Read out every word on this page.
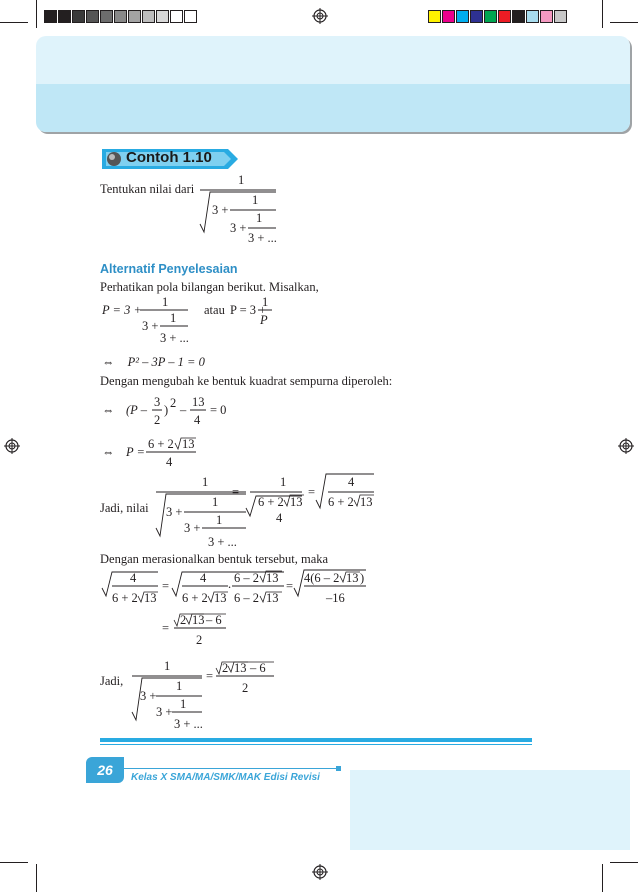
Contoh 1.10
Tentukan nilai dari
1
1
3 +
1
3 +
3 + ...
Alternatif Penyelesaian
Perhatikan pola bilangan berikut. Misalkan,
P = 3 +
1
3 +
1
3 + ...
atau P = 3 +
1
P
⇔ P² – 3P – 1 = 0
Dengan mengubah ke bentuk kuadrat sempurna diperoleh:
⇔ (P –
3
2
) 2 –
13
4
= 0
⇔ P =
6 + 2 13
4
Jadi, nilai
1
1
3 +
1
3 +
3 + ...
=
1
6 + 2 13
4
=
4
6 + 2 13
Dengan merasionalkan bentuk tersebut, maka
4
6 + 2 13
=
4
6 + 2 13
. 6 – 2 13
6 – 2 13
=
4(6 – 2 13 )
–16
=
2 13 – 6
2
Jadi,
1
1
3 +
1
3 +
3 + ...
=
2 13 – 6
2
26	Kelas X SMA/MA/SMK/MAK Edisi Revisi
